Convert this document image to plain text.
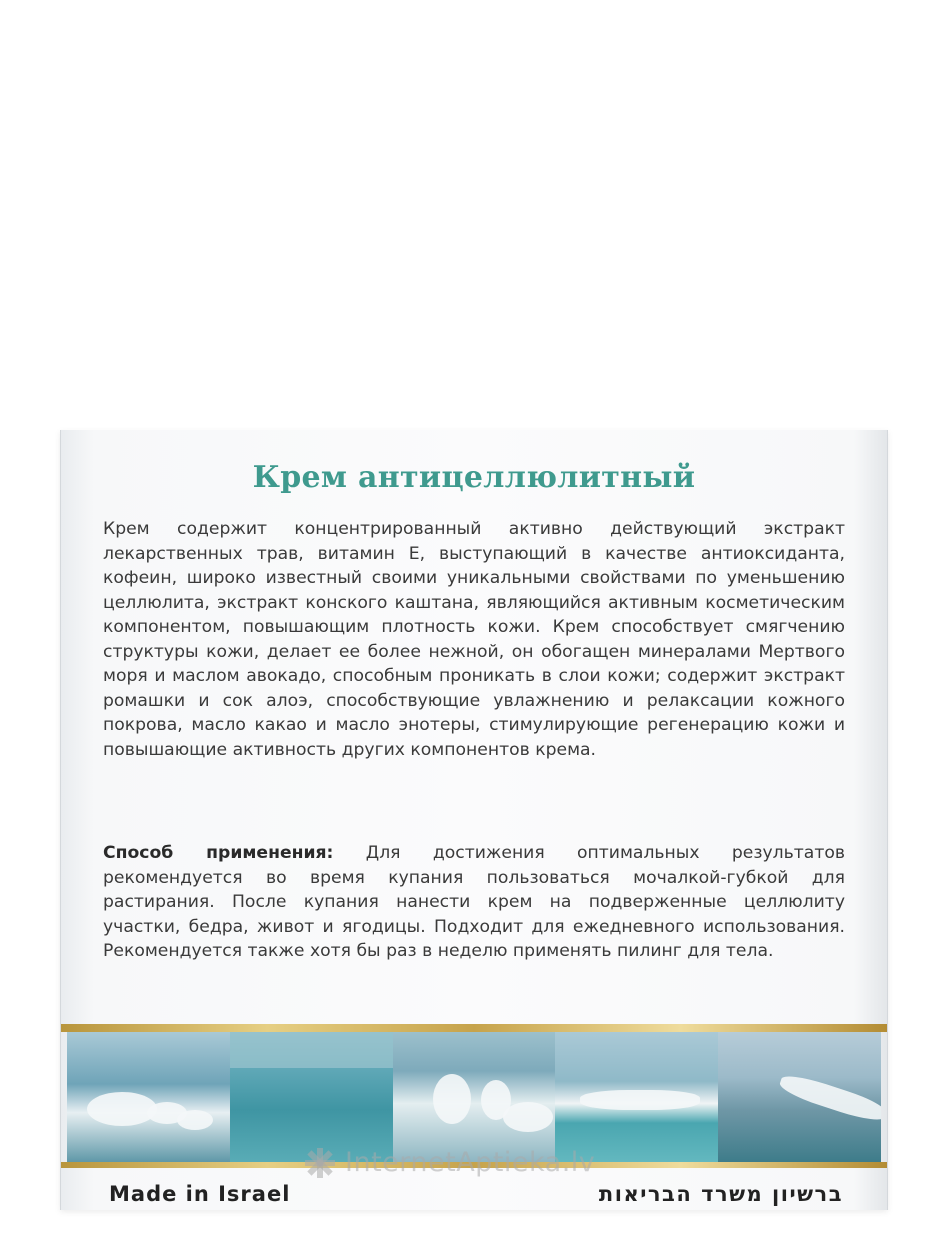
Крем антицеллюлитный
Крем содержит концентрированный активно действующий экстракт лекарственных трав, витамин Е, выступающий в качестве антиоксиданта, кофеин, широко известный своими уникальными свойствами по уменьшению целлюлита, экстракт конского каштана, являющийся активным косметическим компонентом, повышающим плотность кожи. Крем способствует смягчению структуры кожи, делает ее более нежной, он обогащен минералами Мертвого моря и маслом авокадо, способным проникать в слои кожи; содержит экстракт ромашки и сок алоэ, способствующие увлажнению и релаксации кожного покрова, масло какао и масло энотеры, стимулирующие регенерацию кожи и повышающие активность других компонентов крема.
Способ применения: Для достижения оптимальных результатов рекомендуется во время купания пользоваться мочалкой-губкой для растирания. После купания нанести крем на подверженные целлюлиту участки, бедра, живот и ягодицы. Подходит для ежедневного использования. Рекомендуется также хотя бы раз в неделю применять пилинг для тела.
Made in Israel	ברשיון משרד הבריאות
InternetAptieka.lv
